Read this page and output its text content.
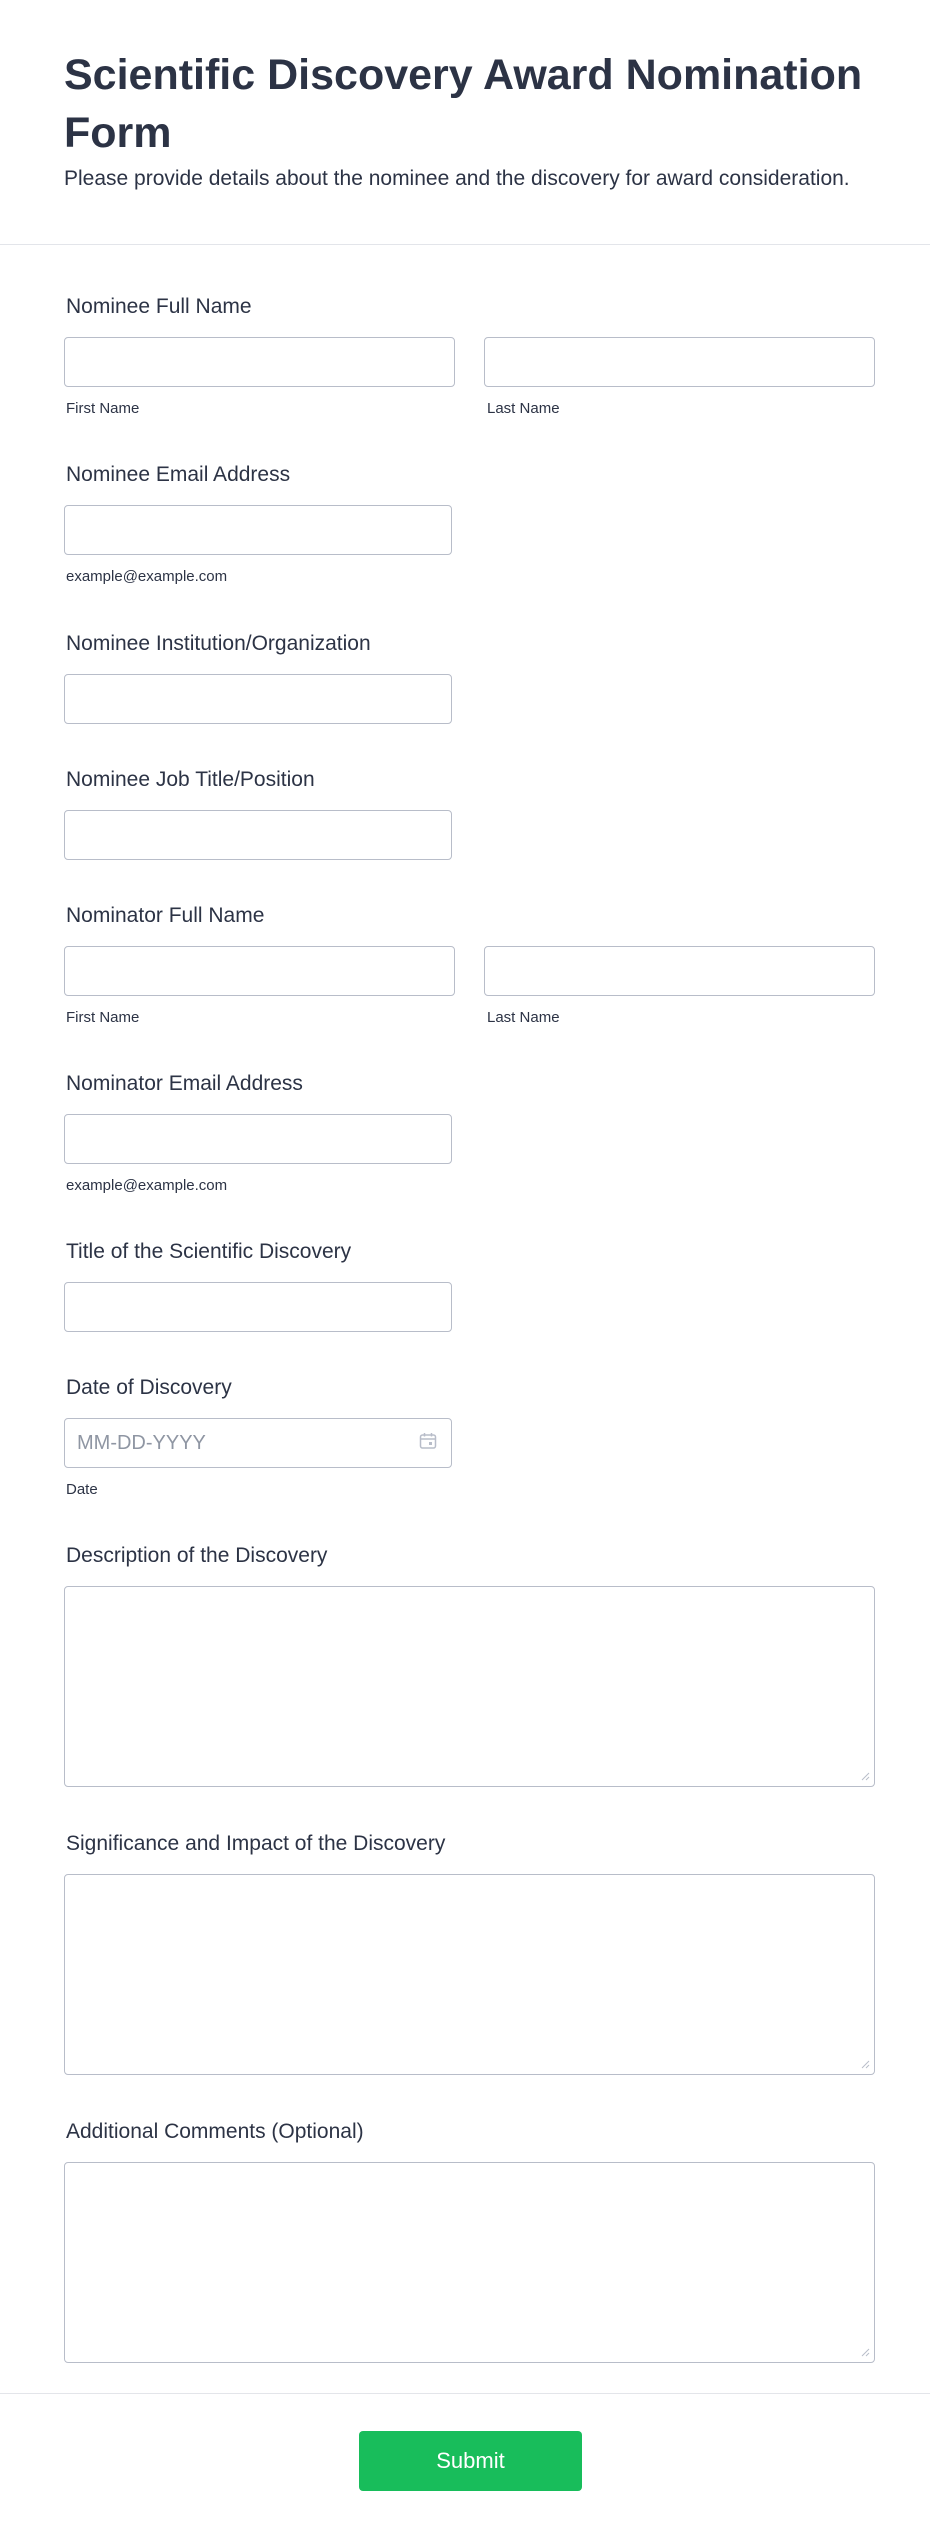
Scientific Discovery Award Nomination Form

Please provide details about the nominee and the discovery for award consideration.

Nominee Full Name
First Name	Last Name
Nominee Email Address
example@example.com
Nominee Institution/Organization
Nominee Job Title/Position
Nominator Full Name
First Name	Last Name
Nominator Email Address
example@example.com
Title of the Scientific Discovery
Date of Discovery
MM-DD-YYYY
Date
Description of the Discovery
Significance and Impact of the Discovery
Additional Comments (Optional)
Submit
